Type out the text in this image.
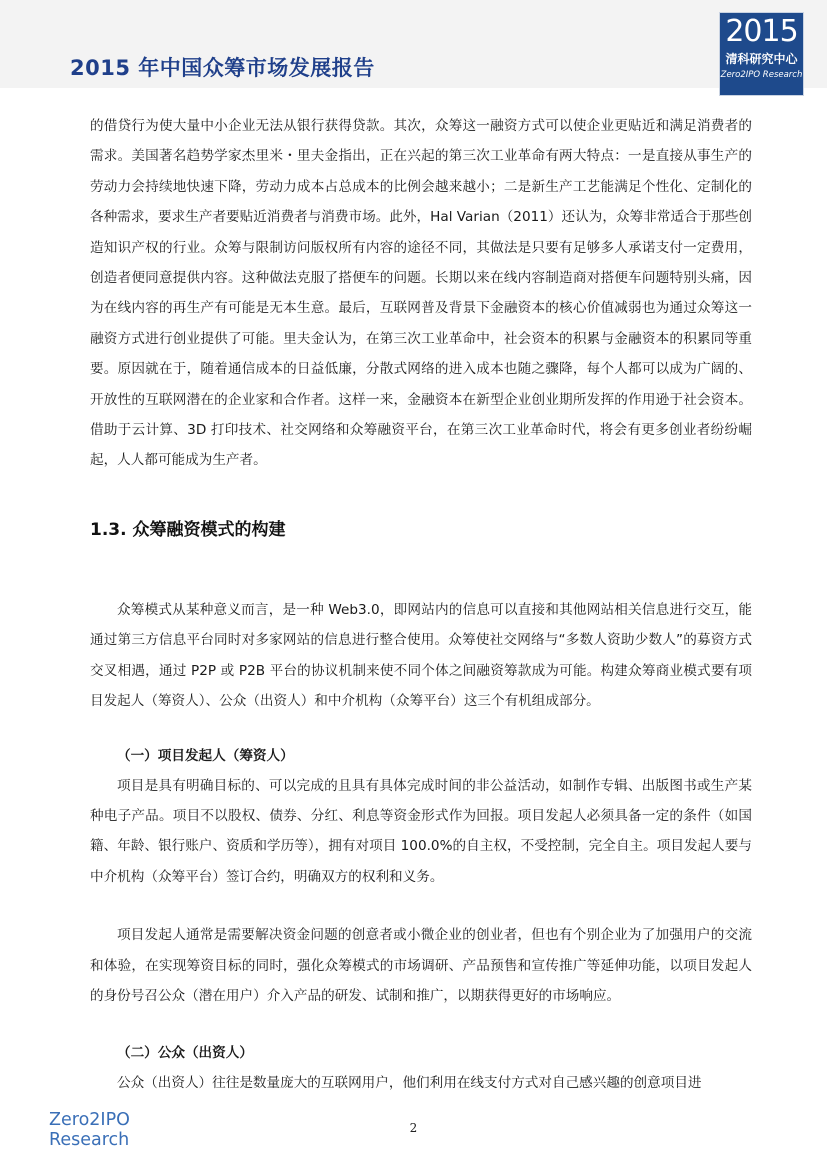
2015 年中国众筹市场发展报告
2015
清科研究中心
Zero2IPO Research

的借贷行为使大量中小企业无法从银行获得贷款。其次，众筹这一融资方式可以使企业更贴近和满足消费者的需求。美国著名趋势学家杰里米・里夫金指出，正在兴起的第三次工业革命有两大特点：一是直接从事生产的劳动力会持续地快速下降，劳动力成本占总成本的比例会越来越小；二是新生产工艺能满足个性化、定制化的各种需求，要求生产者要贴近消费者与消费市场。此外，Hal Varian（2011）还认为，众筹非常适合于那些创造知识产权的行业。众筹与限制访问版权所有内容的途径不同，其做法是只要有足够多人承诺支付一定费用，创造者便同意提供内容。这种做法克服了搭便车的问题。长期以来在线内容制造商对搭便车问题特别头痛，因为在线内容的再生产有可能是无本生意。最后，互联网普及背景下金融资本的核心价值减弱也为通过众筹这一融资方式进行创业提供了可能。里夫金认为，在第三次工业革命中，社会资本的积累与金融资本的积累同等重要。原因就在于，随着通信成本的日益低廉，分散式网络的进入成本也随之骤降，每个人都可以成为广阔的、开放性的互联网潜在的企业家和合作者。这样一来，金融资本在新型企业创业期所发挥的作用逊于社会资本。借助于云计算、3D 打印技术、社交网络和众筹融资平台，在第三次工业革命时代，将会有更多创业者纷纷崛起，人人都可能成为生产者。

1.3. 众筹融资模式的构建

众筹模式从某种意义而言，是一种 Web3.0，即网站内的信息可以直接和其他网站相关信息进行交互，能通过第三方信息平台同时对多家网站的信息进行整合使用。众筹使社交网络与“多数人资助少数人”的募资方式交叉相遇，通过 P2P 或 P2B 平台的协议机制来使不同个体之间融资筹款成为可能。构建众筹商业模式要有项目发起人（筹资人）、公众（出资人）和中介机构（众筹平台）这三个有机组成部分。

（一）项目发起人（筹资人）

项目是具有明确目标的、可以完成的且具有具体完成时间的非公益活动，如制作专辑、出版图书或生产某种电子产品。项目不以股权、债券、分红、利息等资金形式作为回报。项目发起人必须具备一定的条件（如国籍、年龄、银行账户、资质和学历等），拥有对项目 100.0%的自主权，不受控制，完全自主。项目发起人要与中介机构（众筹平台）签订合约，明确双方的权利和义务。

项目发起人通常是需要解决资金问题的创意者或小微企业的创业者，但也有个别企业为了加强用户的交流和体验，在实现筹资目标的同时，强化众筹模式的市场调研、产品预售和宣传推广等延伸功能，以项目发起人的身份号召公众（潜在用户）介入产品的研发、试制和推广，以期获得更好的市场响应。

（二）公众（出资人）

公众（出资人）往往是数量庞大的互联网用户，他们利用在线支付方式对自己感兴趣的创意项目进

2
Zero2IPO
Research
